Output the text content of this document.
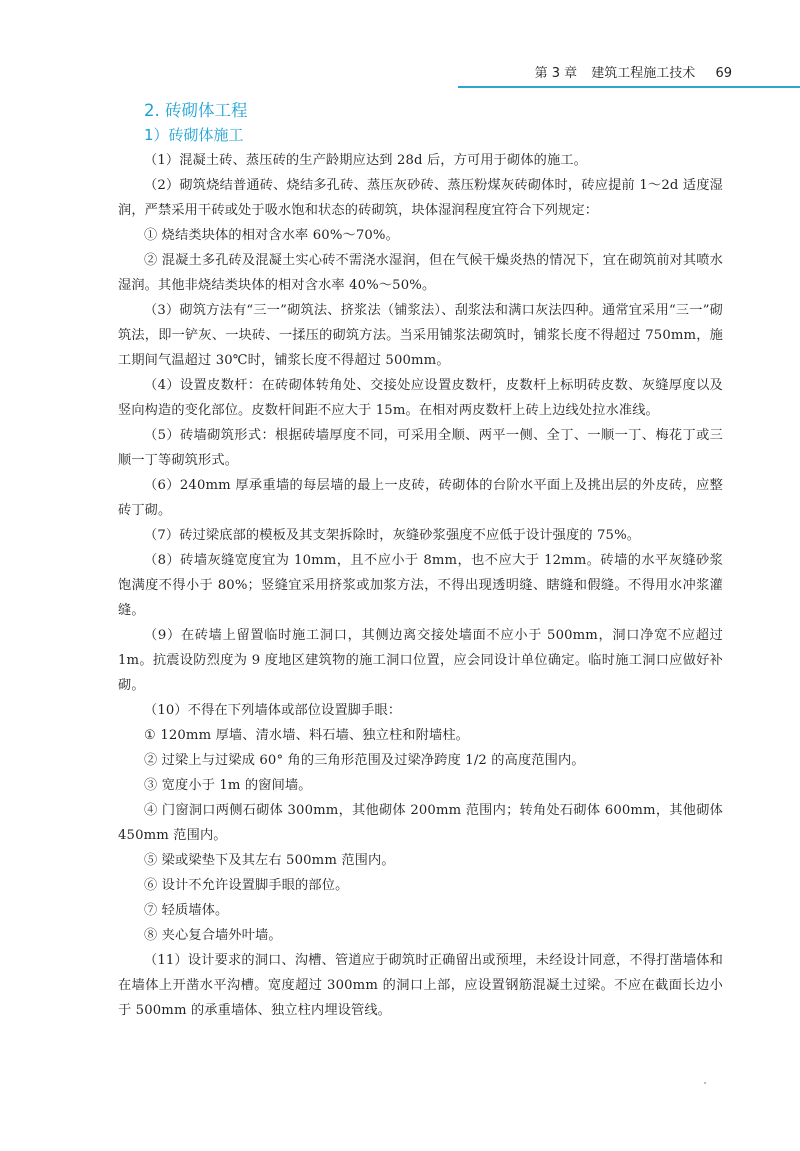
第 3 章 建筑工程施工技术 69
2. 砖砌体工程
1）砖砌体施工

（1）混凝土砖、蒸压砖的生产龄期应达到 28d 后，方可用于砌体的施工。

（2）砌筑烧结普通砖、烧结多孔砖、蒸压灰砂砖、蒸压粉煤灰砖砌体时，砖应提前 1～2d 适度湿润，严禁采用干砖或处于吸水饱和状态的砖砌筑，块体湿润程度宜符合下列规定：

① 烧结类块体的相对含水率 60%～70%。

② 混凝土多孔砖及混凝土实心砖不需浇水湿润，但在气候干燥炎热的情况下，宜在砌筑前对其喷水湿润。其他非烧结类块体的相对含水率 40%～50%。

（3）砌筑方法有“三一”砌筑法、挤浆法（铺浆法）、刮浆法和满口灰法四种。通常宜采用“三一”砌筑法，即一铲灰、一块砖、一揉压的砌筑方法。当采用铺浆法砌筑时，铺浆长度不得超过 750mm，施工期间气温超过 30℃时，铺浆长度不得超过 500mm。

（4）设置皮数杆：在砖砌体转角处、交接处应设置皮数杆，皮数杆上标明砖皮数、灰缝厚度以及竖向构造的变化部位。皮数杆间距不应大于 15m。在相对两皮数杆上砖上边线处拉水准线。

（5）砖墙砌筑形式：根据砖墙厚度不同，可采用全顺、两平一侧、全丁、一顺一丁、梅花丁或三顺一丁等砌筑形式。

（6）240mm 厚承重墙的每层墙的最上一皮砖，砖砌体的台阶水平面上及挑出层的外皮砖，应整砖丁砌。

（7）砖过梁底部的模板及其支架拆除时，灰缝砂浆强度不应低于设计强度的 75%。

（8）砖墙灰缝宽度宜为 10mm，且不应小于 8mm，也不应大于 12mm。砖墙的水平灰缝砂浆饱满度不得小于 80%；竖缝宜采用挤浆或加浆方法，不得出现透明缝、瞎缝和假缝。不得用水冲浆灌缝。

（9）在砖墙上留置临时施工洞口，其侧边离交接处墙面不应小于 500mm，洞口净宽不应超过 1m。抗震设防烈度为 9 度地区建筑物的施工洞口位置，应会同设计单位确定。临时施工洞口应做好补砌。

（10）不得在下列墙体或部位设置脚手眼：

① 120mm 厚墙、清水墙、料石墙、独立柱和附墙柱。

② 过梁上与过梁成 60° 角的三角形范围及过梁净跨度 1/2 的高度范围内。

③ 宽度小于 1m 的窗间墙。

④ 门窗洞口两侧石砌体 300mm，其他砌体 200mm 范围内；转角处石砌体 600mm，其他砌体 450mm 范围内。

⑤ 梁或梁垫下及其左右 500mm 范围内。

⑥ 设计不允许设置脚手眼的部位。

⑦ 轻质墙体。

⑧ 夹心复合墙外叶墙。

（11）设计要求的洞口、沟槽、管道应于砌筑时正确留出或预埋，未经设计同意，不得打凿墙体和在墙体上开凿水平沟槽。宽度超过 300mm 的洞口上部，应设置钢筋混凝土过梁。不应在截面长边小于 500mm 的承重墙体、独立柱内埋设管线。
